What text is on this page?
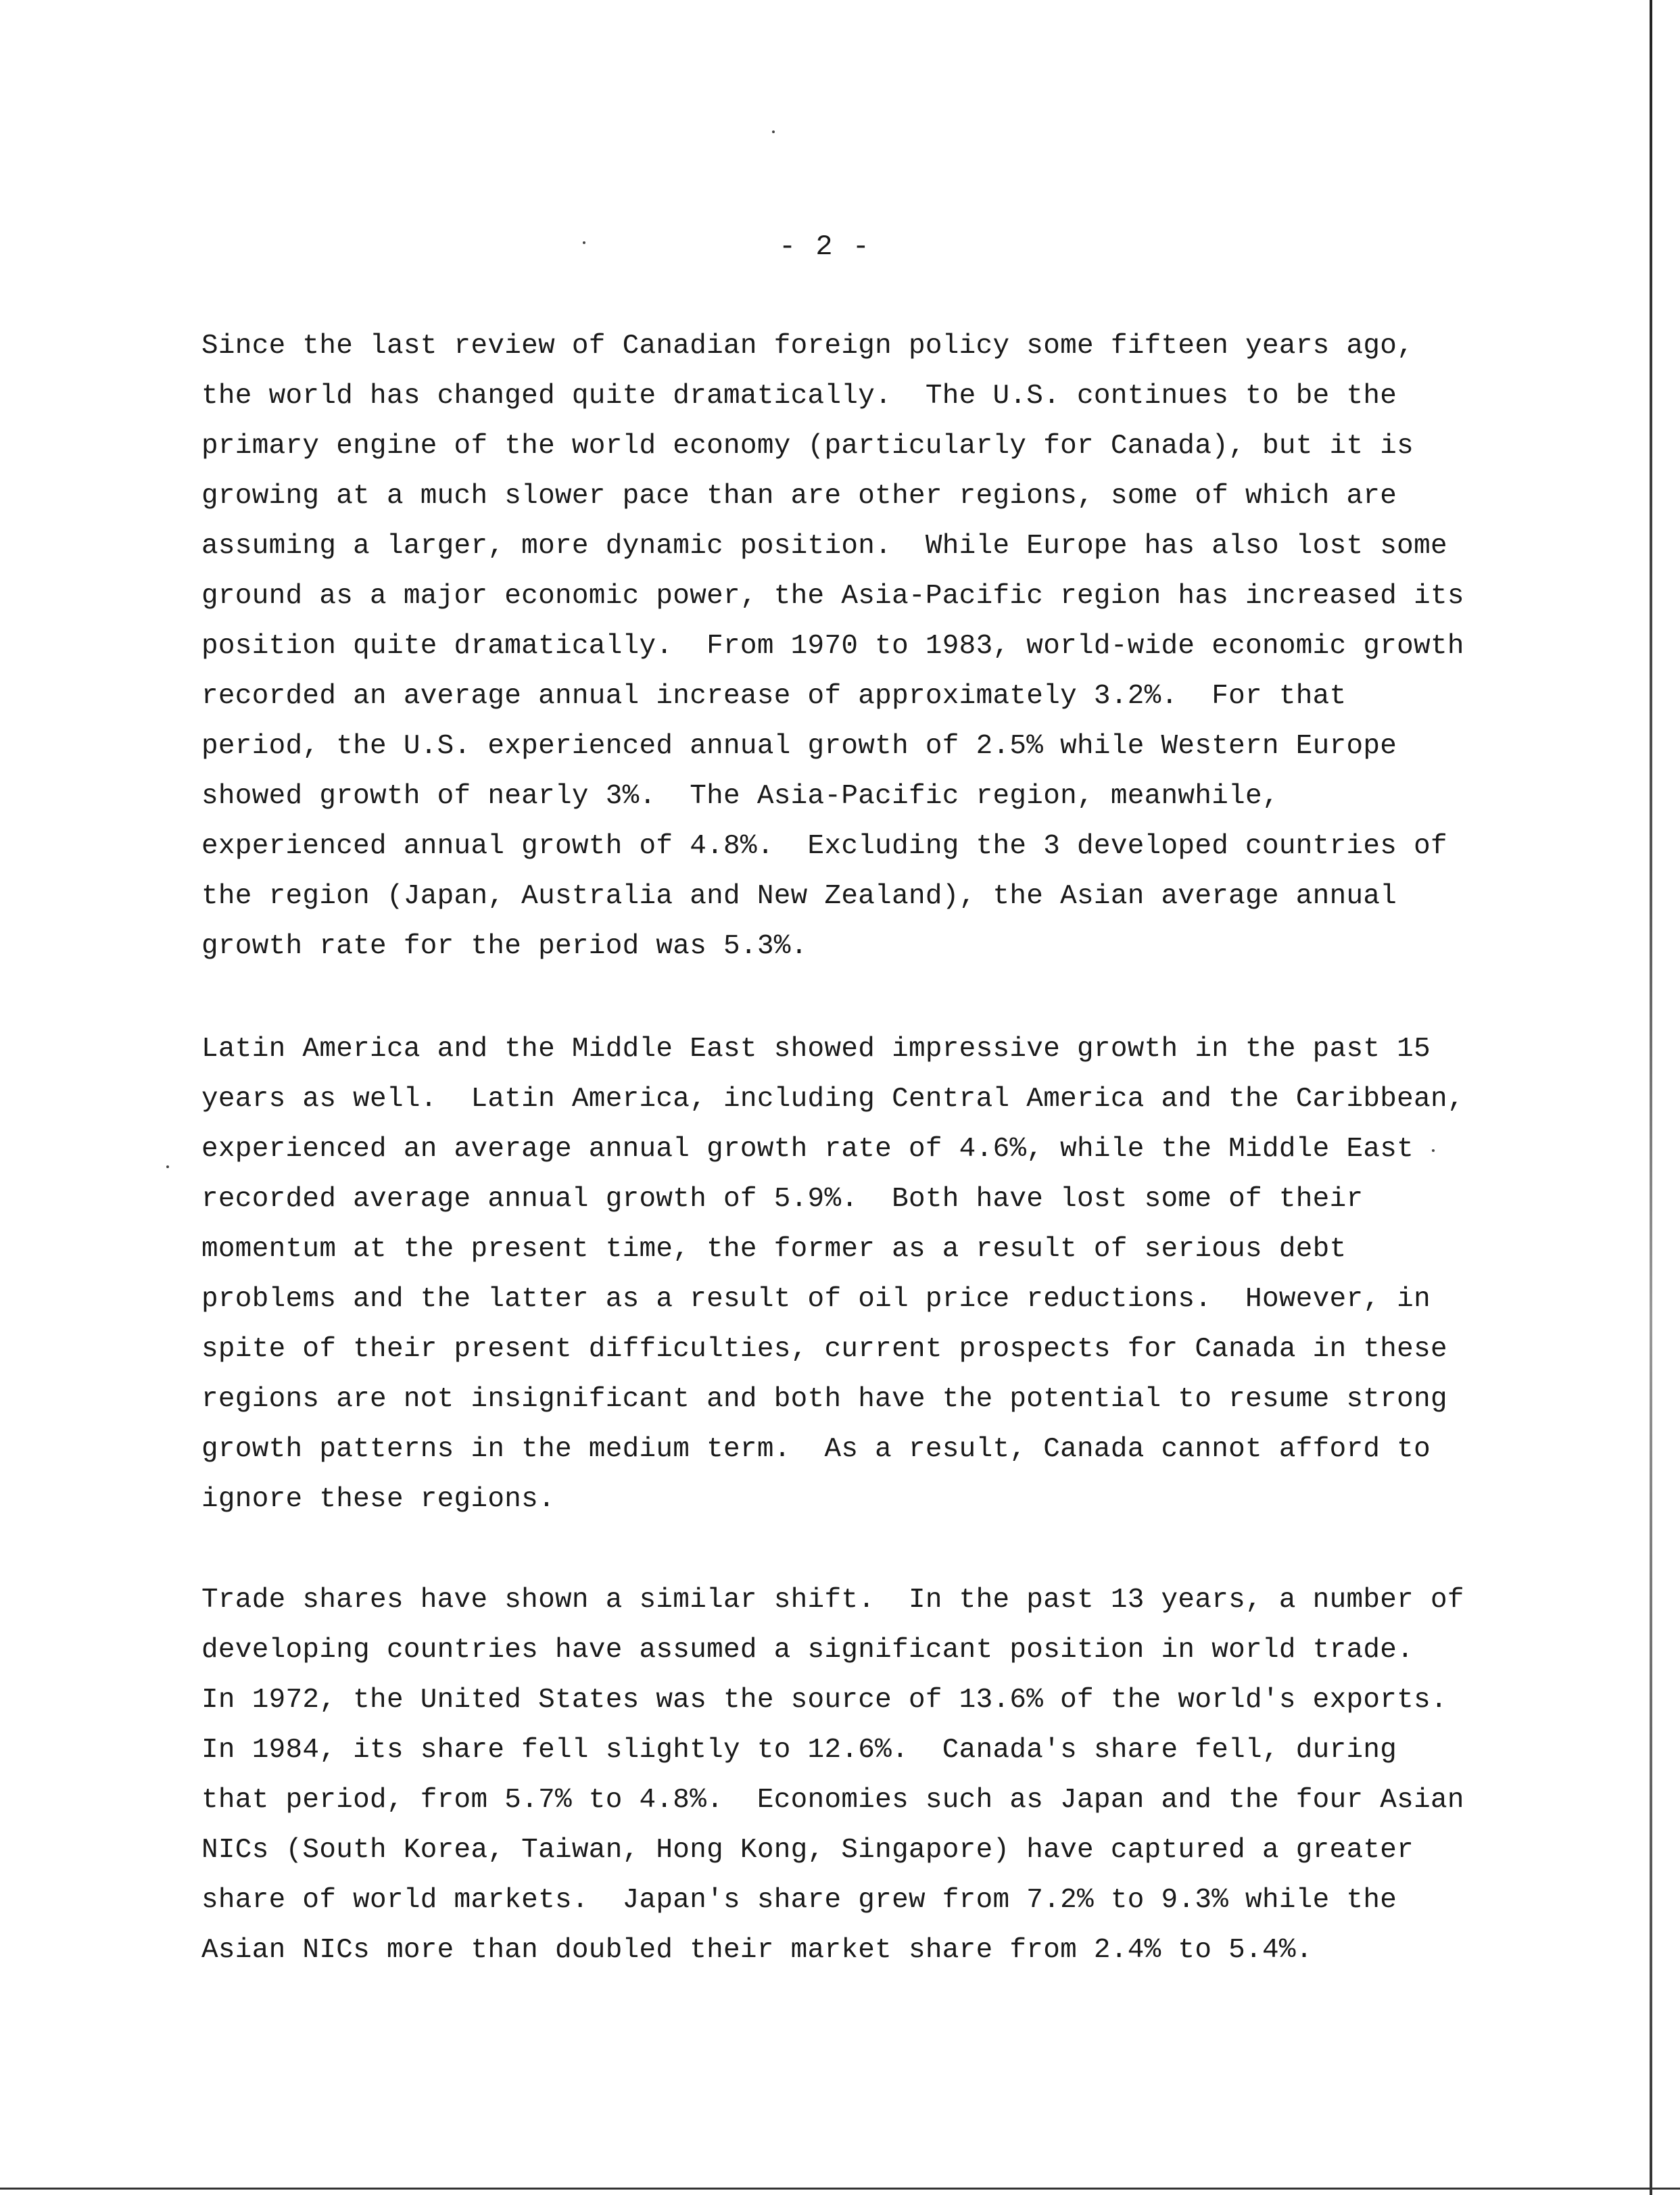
- 2 -
Since the last review of Canadian foreign policy some fifteen years ago,
the world has changed quite dramatically.  The U.S. continues to be the
primary engine of the world economy (particularly for Canada), but it is
growing at a much slower pace than are other regions, some of which are
assuming a larger, more dynamic position.  While Europe has also lost some
ground as a major economic power, the Asia-Pacific region has increased its
position quite dramatically.  From 1970 to 1983, world-wide economic growth
recorded an average annual increase of approximately 3.2%.  For that
period, the U.S. experienced annual growth of 2.5% while Western Europe
showed growth of nearly 3%.  The Asia-Pacific region, meanwhile,
experienced annual growth of 4.8%.  Excluding the 3 developed countries of
the region (Japan, Australia and New Zealand), the Asian average annual
growth rate for the period was 5.3%.
Latin America and the Middle East showed impressive growth in the past 15
years as well.  Latin America, including Central America and the Caribbean,
experienced an average annual growth rate of 4.6%, while the Middle East
recorded average annual growth of 5.9%.  Both have lost some of their
momentum at the present time, the former as a result of serious debt
problems and the latter as a result of oil price reductions.  However, in
spite of their present difficulties, current prospects for Canada in these
regions are not insignificant and both have the potential to resume strong
growth patterns in the medium term.  As a result, Canada cannot afford to
ignore these regions.
Trade shares have shown a similar shift.  In the past 13 years, a number of
developing countries have assumed a significant position in world trade.
In 1972, the United States was the source of 13.6% of the world's exports.
In 1984, its share fell slightly to 12.6%.  Canada's share fell, during
that period, from 5.7% to 4.8%.  Economies such as Japan and the four Asian
NICs (South Korea, Taiwan, Hong Kong, Singapore) have captured a greater
share of world markets.  Japan's share grew from 7.2% to 9.3% while the
Asian NICs more than doubled their market share from 2.4% to 5.4%.
